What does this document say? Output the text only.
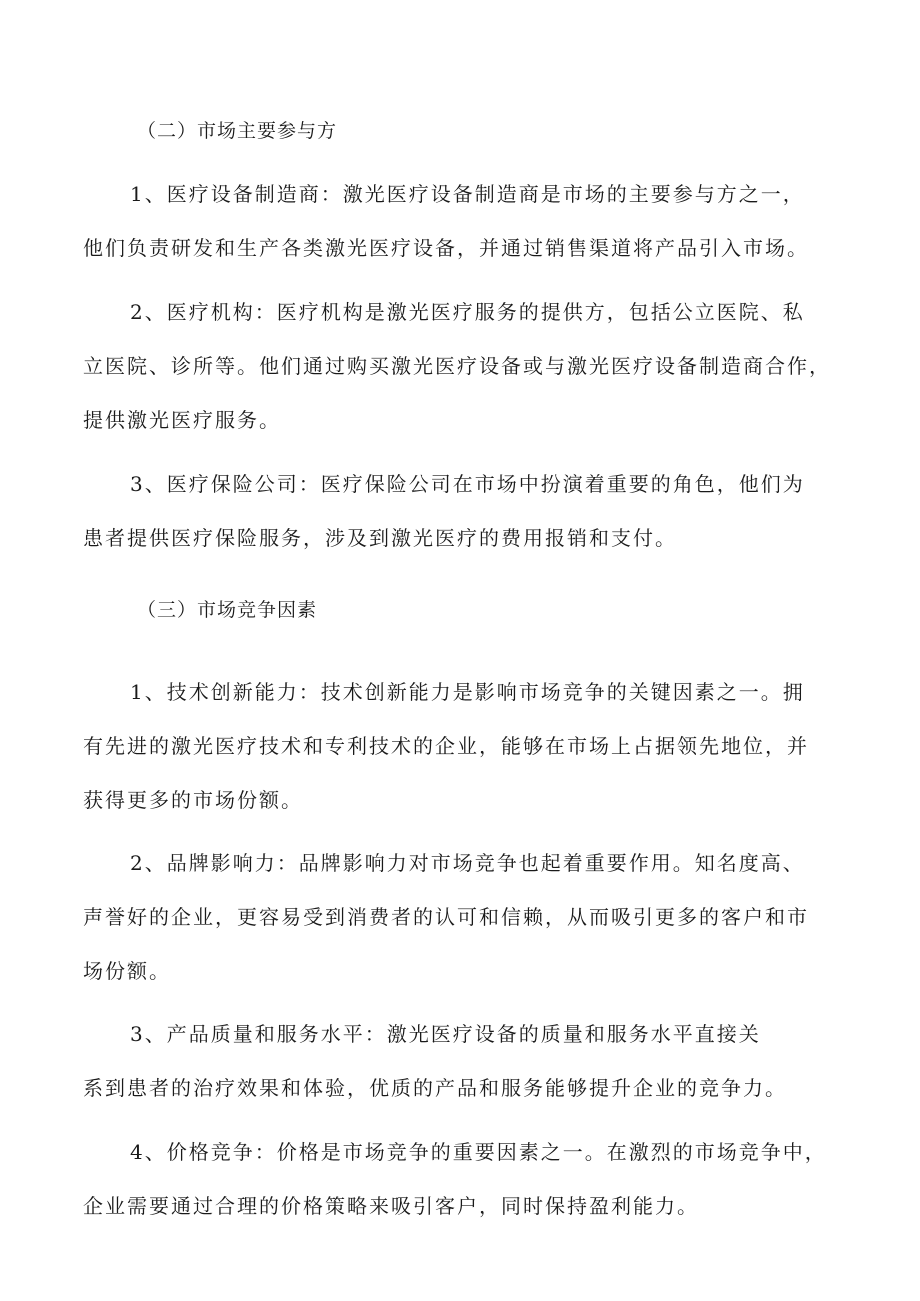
（二）市场主要参与方
1、医疗设备制造商：激光医疗设备制造商是市场的主要参与方之一，
他们负责研发和生产各类激光医疗设备，并通过销售渠道将产品引入市场。
2、医疗机构：医疗机构是激光医疗服务的提供方，包括公立医院、私
立医院、诊所等。他们通过购买激光医疗设备或与激光医疗设备制造商合作，
提供激光医疗服务。
3、医疗保险公司：医疗保险公司在市场中扮演着重要的角色，他们为
患者提供医疗保险服务，涉及到激光医疗的费用报销和支付。
（三）市场竞争因素
1、技术创新能力：技术创新能力是影响市场竞争的关键因素之一。拥
有先进的激光医疗技术和专利技术的企业，能够在市场上占据领先地位，并
获得更多的市场份额。
2、品牌影响力：品牌影响力对市场竞争也起着重要作用。知名度高、
声誉好的企业，更容易受到消费者的认可和信赖，从而吸引更多的客户和市
场份额。
3、产品质量和服务水平：激光医疗设备的质量和服务水平直接关
系到患者的治疗效果和体验，优质的产品和服务能够提升企业的竞争力。
4、价格竞争：价格是市场竞争的重要因素之一。在激烈的市场竞争中，
企业需要通过合理的价格策略来吸引客户，同时保持盈利能力。
